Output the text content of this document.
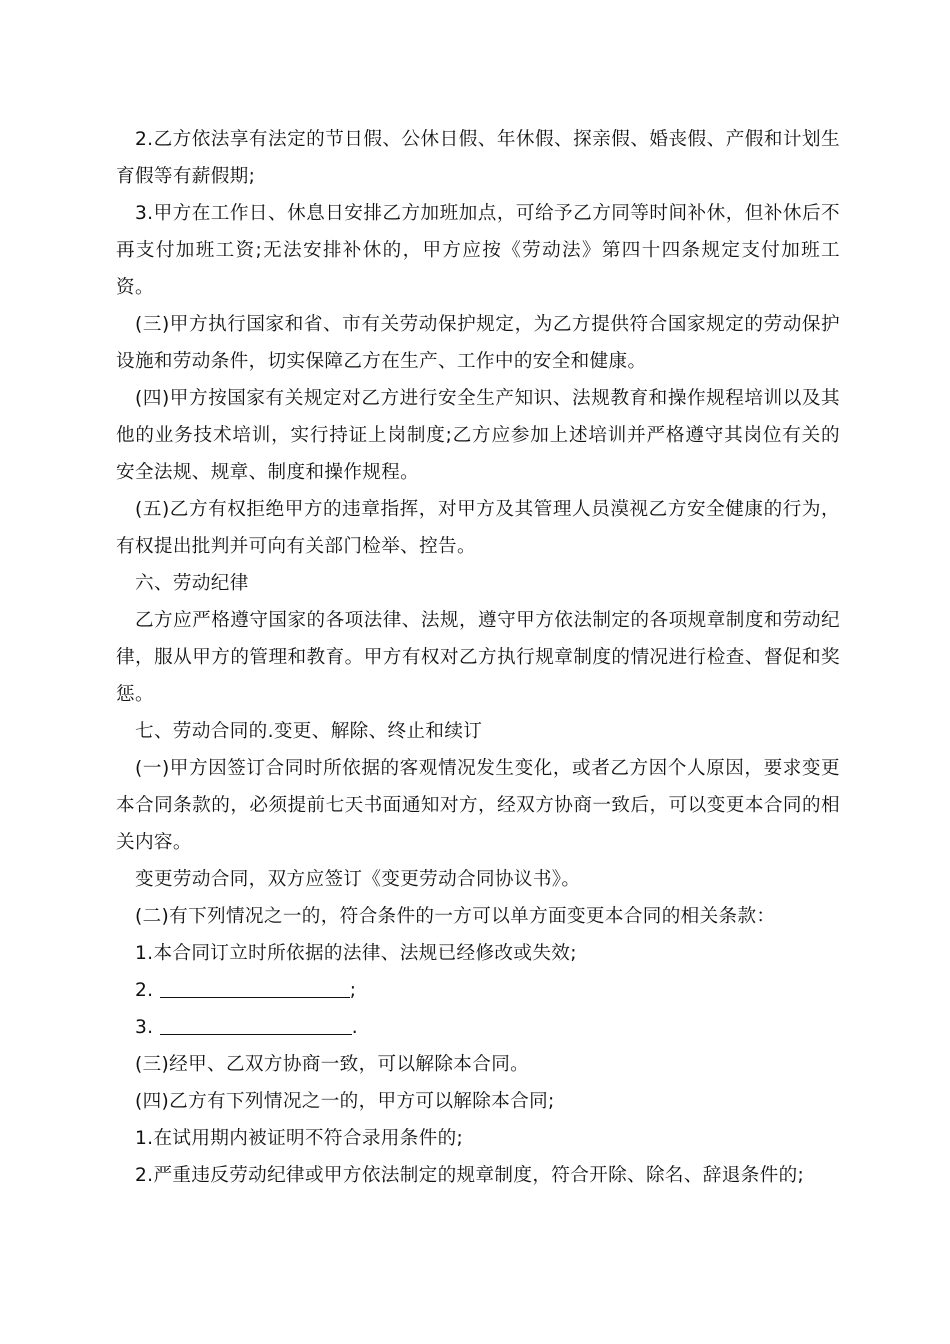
2.乙方依法享有法定的节日假、公休日假、年休假、探亲假、婚丧假、产假和计划生育假等有薪假期;

3.甲方在工作日、休息日安排乙方加班加点，可给予乙方同等时间补休，但补休后不再支付加班工资;无法安排补休的，甲方应按《劳动法》第四十四条规定支付加班工资。

(三)甲方执行国家和省、市有关劳动保护规定，为乙方提供符合国家规定的劳动保护设施和劳动条件，切实保障乙方在生产、工作中的安全和健康。

(四)甲方按国家有关规定对乙方进行安全生产知识、法规教育和操作规程培训以及其他的业务技术培训，实行持证上岗制度;乙方应参加上述培训并严格遵守其岗位有关的安全法规、规章、制度和操作规程。

(五)乙方有权拒绝甲方的违章指挥，对甲方及其管理人员漠视乙方安全健康的行为，有权提出批判并可向有关部门检举、控告。

六、劳动纪律

乙方应严格遵守国家的各项法律、法规，遵守甲方依法制定的各项规章制度和劳动纪律，服从甲方的管理和教育。甲方有权对乙方执行规章制度的情况进行检查、督促和奖惩。

七、劳动合同的.变更、解除、终止和续订

(一)甲方因签订合同时所依据的客观情况发生变化，或者乙方因个人原因，要求变更本合同条款的，必须提前七天书面通知对方，经双方协商一致后，可以变更本合同的相关内容。

变更劳动合同，双方应签订《变更劳动合同协议书》。

(二)有下列情况之一的，符合条件的一方可以单方面变更本合同的相关条款：

1.本合同订立时所依据的法律、法规已经修改或失效;

2.	;

3.	.

(三)经甲、乙双方协商一致，可以解除本合同。

(四)乙方有下列情况之一的，甲方可以解除本合同;

1.在试用期内被证明不符合录用条件的;

2.严重违反劳动纪律或甲方依法制定的规章制度，符合开除、除名、辞退条件的;
